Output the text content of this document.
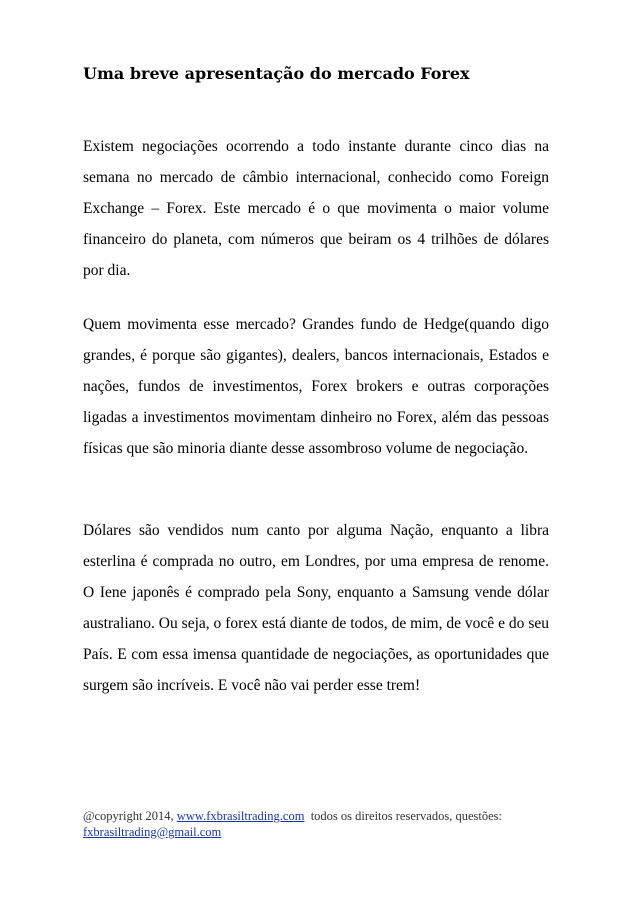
Uma breve apresentação do mercado Forex

Existem negociações ocorrendo a todo instante durante cinco dias na semana no mercado de câmbio internacional, conhecido como Foreign Exchange – Forex. Este mercado é o que movimenta o maior volume financeiro do planeta, com números que beiram os 4 trilhões de dólares por dia.

Quem movimenta esse mercado? Grandes fundo de Hedge(quando digo grandes, é porque são gigantes), dealers, bancos internacionais, Estados e nações, fundos de investimentos, Forex brokers e outras corporações ligadas a investimentos movimentam dinheiro no Forex, além das pessoas físicas que são minoria diante desse assombroso volume de negociação.

Dólares são vendidos num canto por alguma Nação, enquanto a libra esterlina é comprada no outro, em Londres, por uma empresa de renome. O Iene japonês é comprado pela Sony, enquanto a Samsung vende dólar australiano. Ou seja, o forex está diante de todos, de mim, de você e do seu País. E com essa imensa quantidade de negociações, as oportunidades que surgem são incríveis. E você não vai perder esse trem!

@copyright 2014, www.fxbrasiltrading.com todos os direitos reservados, questões:
fxbrasiltrading@gmail.com
